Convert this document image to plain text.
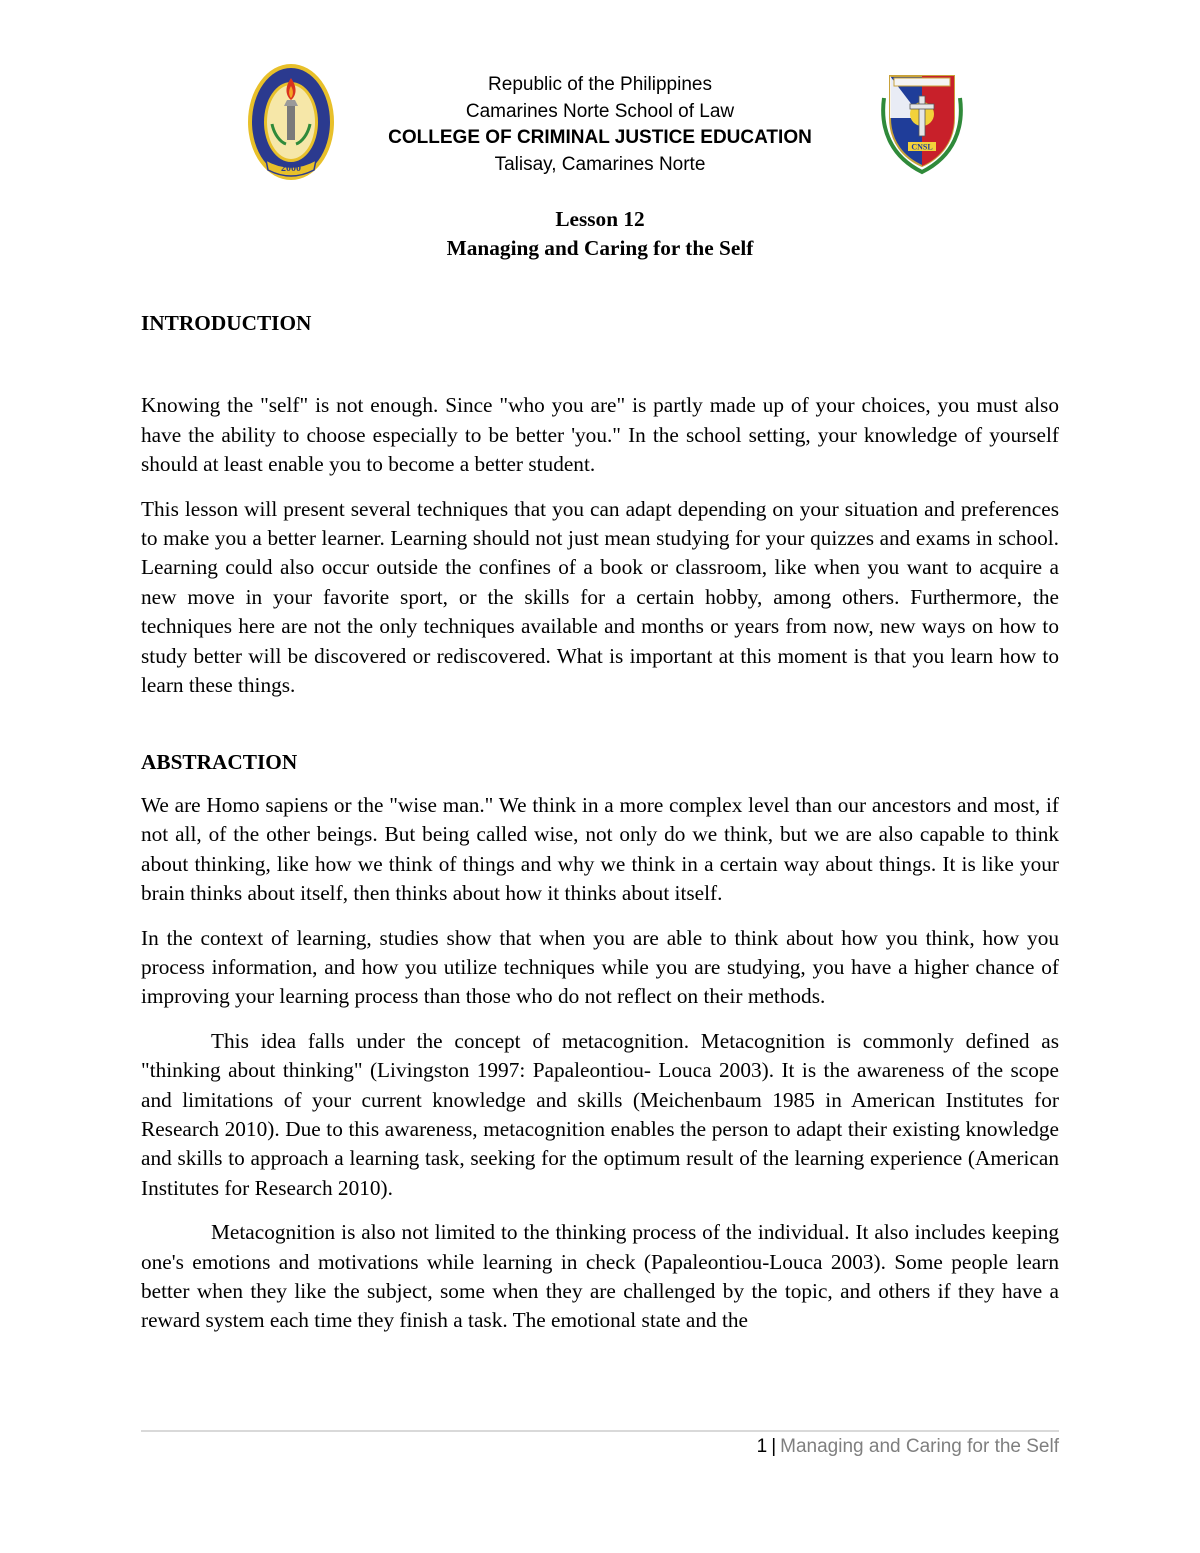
2000
Republic of the Philippines
Camarines Norte School of Law
COLLEGE OF CRIMINAL JUSTICE EDUCATION
Talisay, Camarines Norte
CNSL
Lesson 12
Managing and Caring for the Self
INTRODUCTION

Knowing the "self" is not enough. Since "who you are" is partly made up of your choices, you must also have the ability to choose especially to be better 'you." In the school setting, your knowledge of yourself should at least enable you to become a better student.

This lesson will present several techniques that you can adapt depending on your situation and preferences to make you a better learner. Learning should not just mean studying for your quizzes and exams in school. Learning could also occur outside the confines of a book or classroom, like when you want to acquire a new move in your favorite sport, or the skills for a certain hobby, among others. Furthermore, the techniques here are not the only techniques available and months or years from now, new ways on how to study better will be discovered or rediscovered. What is important at this moment is that you learn how to learn these things.

ABSTRACTION

We are Homo sapiens or the "wise man." We think in a more complex level than our ancestors and most, if not all, of the other beings. But being called wise, not only do we think, but we are also capable to think about thinking, like how we think of things and why we think in a certain way about things. It is like your brain thinks about itself, then thinks about how it thinks about itself.

In the context of learning, studies show that when you are able to think about how you think, how you process information, and how you utilize techniques while you are studying, you have a higher chance of improving your learning process than those who do not reflect on their methods.

This idea falls under the concept of metacognition. Metacognition is commonly defined as "thinking about thinking" (Livingston 1997: Papaleontiou- Louca 2003). It is the awareness of the scope and limitations of your current knowledge and skills (Meichenbaum 1985 in American Institutes for Research 2010). Due to this awareness, metacognition enables the person to adapt their existing knowledge and skills to approach a learning task, seeking for the optimum result of the learning experience (American Institutes for Research 2010).

Metacognition is also not limited to the thinking process of the individual. It also includes keeping one's emotions and motivations while learning in check (Papaleontiou-Louca 2003). Some people learn better when they like the subject, some when they are challenged by the topic, and others if they have a reward system each time they finish a task. The emotional state and the

1 | Managing and Caring for the Self
